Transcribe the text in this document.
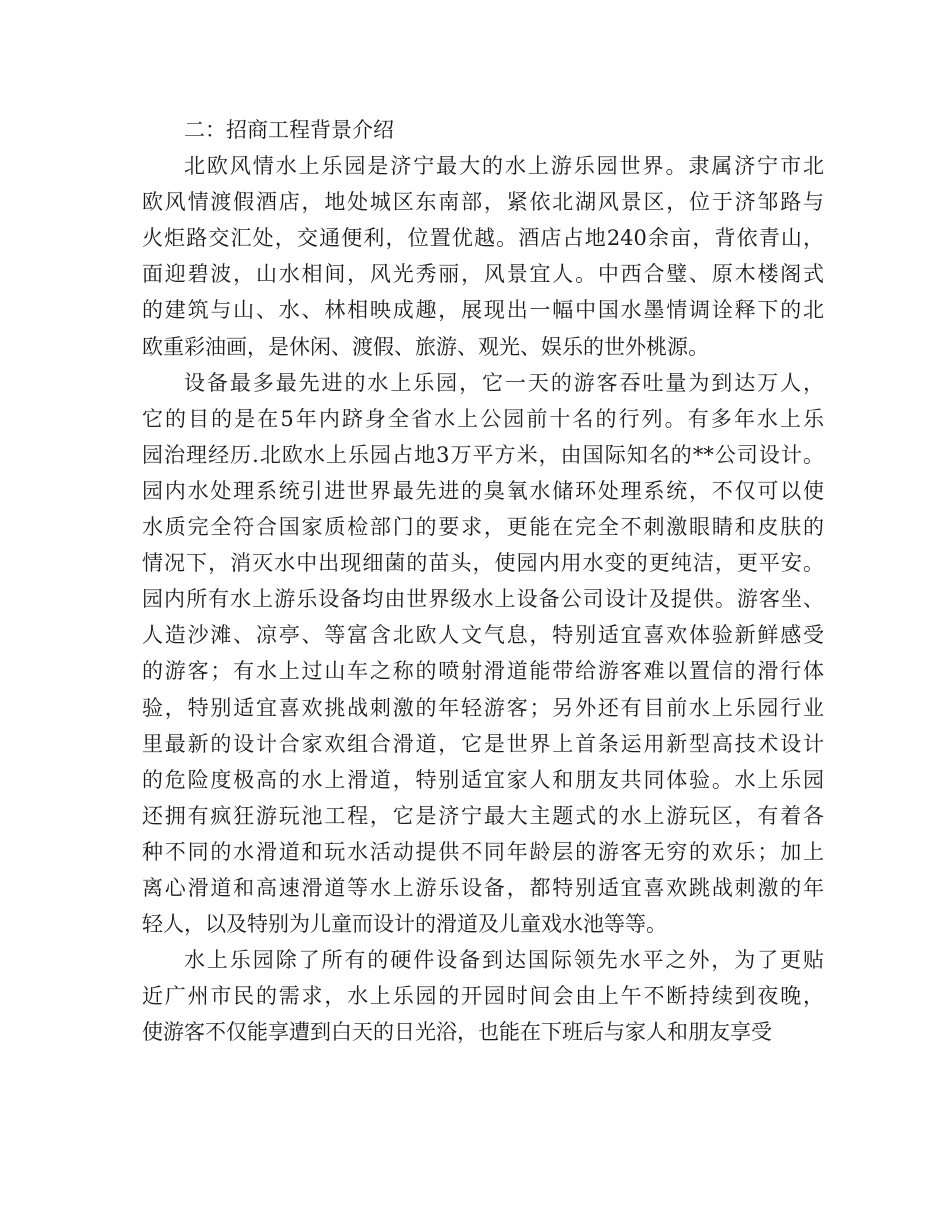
二：招商工程背景介绍
北欧风情水上乐园是济宁最大的水上游乐园世界。隶属济宁市北
欧风情渡假酒店，地处城区东南部，紧依北湖风景区，位于济邹路与
火炬路交汇处，交通便利，位置优越。酒店占地240余亩，背依青山，
面迎碧波，山水相间，风光秀丽，风景宜人。中西合璧、原木楼阁式
的建筑与山、水、林相映成趣，展现出一幅中国水墨情调诠释下的北
欧重彩油画，是休闲、渡假、旅游、观光、娱乐的世外桃源。
设备最多最先进的水上乐园，它一天的游客吞吐量为到达万人，
它的目的是在5年内跻身全省水上公园前十名的行列。有多年水上乐
园治理经历.北欧水上乐园占地3万平方米，由国际知名的**公司设计。
园内水处理系统引进世界最先进的臭氧水储环处理系统，不仅可以使
水质完全符合国家质检部门的要求，更能在完全不刺激眼睛和皮肤的
情况下，消灭水中出现细菌的苗头，使园内用水变的更纯洁，更平安。
园内所有水上游乐设备均由世界级水上设备公司设计及提供。游客坐、
人造沙滩、凉亭、等富含北欧人文气息，特别适宜喜欢体验新鲜感受
的游客；有水上过山车之称的喷射滑道能带给游客难以置信的滑行体
验，特别适宜喜欢挑战刺激的年轻游客；另外还有目前水上乐园行业
里最新的设计合家欢组合滑道，它是世界上首条运用新型高技术设计
的危险度极高的水上滑道，特别适宜家人和朋友共同体验。水上乐园
还拥有疯狂游玩池工程，它是济宁最大主题式的水上游玩区，有着各
种不同的水滑道和玩水活动提供不同年龄层的游客无穷的欢乐；加上
离心滑道和高速滑道等水上游乐设备，都特别适宜喜欢跳战刺激的年
轻人，以及特别为儿童而设计的滑道及儿童戏水池等等。
水上乐园除了所有的硬件设备到达国际领先水平之外，为了更贴
近广州市民的需求，水上乐园的开园时间会由上午不断持续到夜晚，
使游客不仅能享遭到白天的日光浴，也能在下班后与家人和朋友享受
